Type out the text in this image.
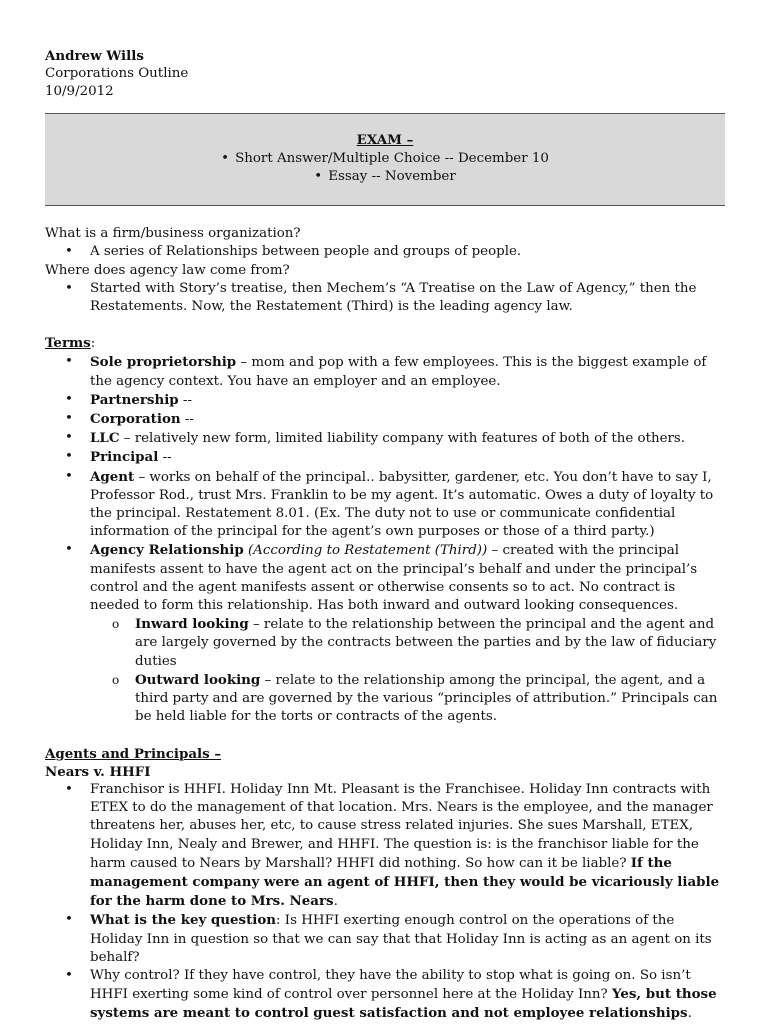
Andrew Wills

Corporations Outline

10/9/2012

EXAM –
• Short Answer/Multiple Choice -- December 10
• Essay -- November

What is a firm/business organization?

• A series of Relationships between people and groups of people.

Where does agency law come from?

• Started with Story’s treatise, then Mechem’s “A Treatise on the Law of Agency,” then the Restatements. Now, the Restatement (Third) is the leading agency law.

Terms:

• Sole proprietorship – mom and pop with a few employees. This is the biggest example of the agency context. You have an employer and an employee.
• Partnership --
• Corporation --
• LLC – relatively new form, limited liability company with features of both of the others.
• Principal --
• Agent – works on behalf of the principal.. babysitter, gardener, etc. You don’t have to say I, Professor Rod., trust Mrs. Franklin to be my agent. It’s automatic. Owes a duty of loyalty to the principal. Restatement 8.01. (Ex. The duty not to use or communicate confidential information of the principal for the agent’s own purposes or those of a third party.)
• Agency Relationship (According to Restatement (Third)) – created with the principal manifests assent to have the agent act on the principal’s behalf and under the principal’s control and the agent manifests assent or otherwise consents so to act. No contract is needed to form this relationship. Has both inward and outward looking consequences.
o Inward looking – relate to the relationship between the principal and the agent and are largely governed by the contracts between the parties and by the law of fiduciary duties
o Outward looking – relate to the relationship among the principal, the agent, and a third party and are governed by the various “principles of attribution.” Principals can be held liable for the torts or contracts of the agents.

Agents and Principals –

Nears v. HHFI

• Franchisor is HHFI. Holiday Inn Mt. Pleasant is the Franchisee. Holiday Inn contracts with ETEX to do the management of that location. Mrs. Nears is the employee, and the manager threatens her, abuses her, etc, to cause stress related injuries. She sues Marshall, ETEX, Holiday Inn, Nealy and Brewer, and HHFI. The question is: is the franchisor liable for the harm caused to Nears by Marshall? HHFI did nothing. So how can it be liable? If the management company were an agent of HHFI, then they would be vicariously liable for the harm done to Mrs. Nears.
• What is the key question: Is HHFI exerting enough control on the operations of the Holiday Inn in question so that we can say that that Holiday Inn is acting as an agent on its behalf?
• Why control? If they have control, they have the ability to stop what is going on. So isn’t HHFI exerting some kind of control over personnel here at the Holiday Inn? Yes, but those systems are meant to control guest satisfaction and not employee relationships.
